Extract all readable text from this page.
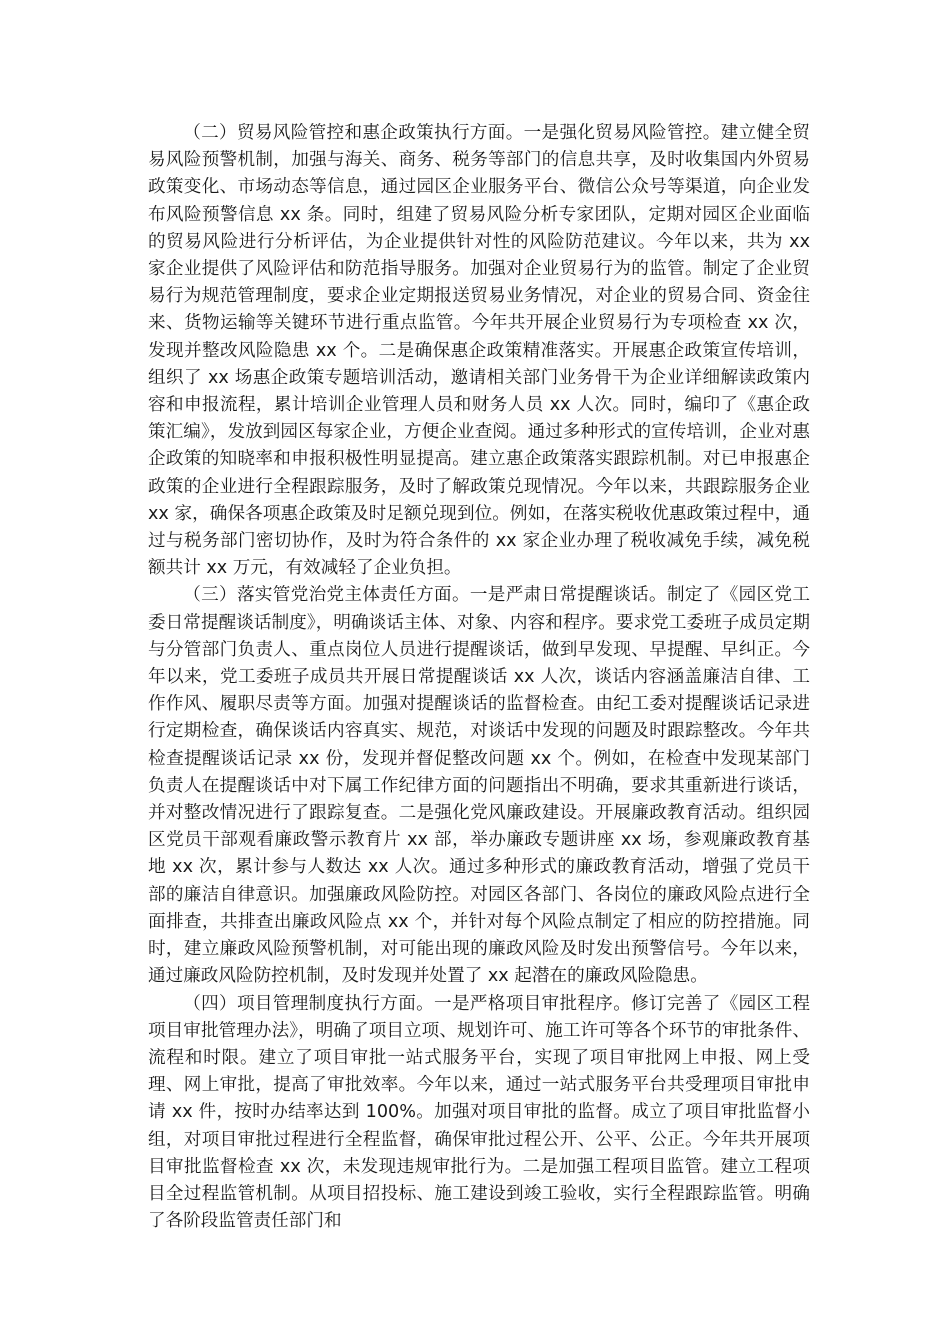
（二）贸易风险管控和惠企政策执行方面。一是强化贸易风险管控。建立健全贸易风险预警机制，加强与海关、商务、税务等部门的信息共享，及时收集国内外贸易政策变化、市场动态等信息，通过园区企业服务平台、微信公众号等渠道，向企业发布风险预警信息 xx 条。同时，组建了贸易风险分析专家团队，定期对园区企业面临的贸易风险进行分析评估，为企业提供针对性的风险防范建议。今年以来，共为 xx 家企业提供了风险评估和防范指导服务。加强对企业贸易行为的监管。制定了企业贸易行为规范管理制度，要求企业定期报送贸易业务情况，对企业的贸易合同、资金往来、货物运输等关键环节进行重点监管。今年共开展企业贸易行为专项检查 xx 次，发现并整改风险隐患 xx 个。二是确保惠企政策精准落实。开展惠企政策宣传培训，组织了 xx 场惠企政策专题培训活动，邀请相关部门业务骨干为企业详细解读政策内容和申报流程，累计培训企业管理人员和财务人员 xx 人次。同时，编印了《惠企政策汇编》，发放到园区每家企业，方便企业查阅。通过多种形式的宣传培训，企业对惠企政策的知晓率和申报积极性明显提高。建立惠企政策落实跟踪机制。对已申报惠企政策的企业进行全程跟踪服务，及时了解政策兑现情况。今年以来，共跟踪服务企业 xx 家，确保各项惠企政策及时足额兑现到位。例如，在落实税收优惠政策过程中，通过与税务部门密切协作，及时为符合条件的 xx 家企业办理了税收减免手续，减免税额共计 xx 万元，有效减轻了企业负担。

（三）落实管党治党主体责任方面。一是严肃日常提醒谈话。制定了《园区党工委日常提醒谈话制度》，明确谈话主体、对象、内容和程序。要求党工委班子成员定期与分管部门负责人、重点岗位人员进行提醒谈话，做到早发现、早提醒、早纠正。今年以来，党工委班子成员共开展日常提醒谈话 xx 人次，谈话内容涵盖廉洁自律、工作作风、履职尽责等方面。加强对提醒谈话的监督检查。由纪工委对提醒谈话记录进行定期检查，确保谈话内容真实、规范，对谈话中发现的问题及时跟踪整改。今年共检查提醒谈话记录 xx 份，发现并督促整改问题 xx 个。例如，在检查中发现某部门负责人在提醒谈话中对下属工作纪律方面的问题指出不明确，要求其重新进行谈话，并对整改情况进行了跟踪复查。二是强化党风廉政建设。开展廉政教育活动。组织园区党员干部观看廉政警示教育片 xx 部，举办廉政专题讲座 xx 场，参观廉政教育基地 xx 次，累计参与人数达 xx 人次。通过多种形式的廉政教育活动，增强了党员干部的廉洁自律意识。加强廉政风险防控。对园区各部门、各岗位的廉政风险点进行全面排查，共排查出廉政风险点 xx 个，并针对每个风险点制定了相应的防控措施。同时，建立廉政风险预警机制，对可能出现的廉政风险及时发出预警信号。今年以来，通过廉政风险防控机制，及时发现并处置了 xx 起潜在的廉政风险隐患。

（四）项目管理制度执行方面。一是严格项目审批程序。修订完善了《园区工程项目审批管理办法》，明确了项目立项、规划许可、施工许可等各个环节的审批条件、流程和时限。建立了项目审批一站式服务平台，实现了项目审批网上申报、网上受理、网上审批，提高了审批效率。今年以来，通过一站式服务平台共受理项目审批申请 xx 件，按时办结率达到 100%。加强对项目审批的监督。成立了项目审批监督小组，对项目审批过程进行全程监督，确保审批过程公开、公平、公正。今年共开展项目审批监督检查 xx 次，未发现违规审批行为。二是加强工程项目监管。建立工程项目全过程监管机制。从项目招投标、施工建设到竣工验收，实行全程跟踪监管。明确了各阶段监管责任部门和
